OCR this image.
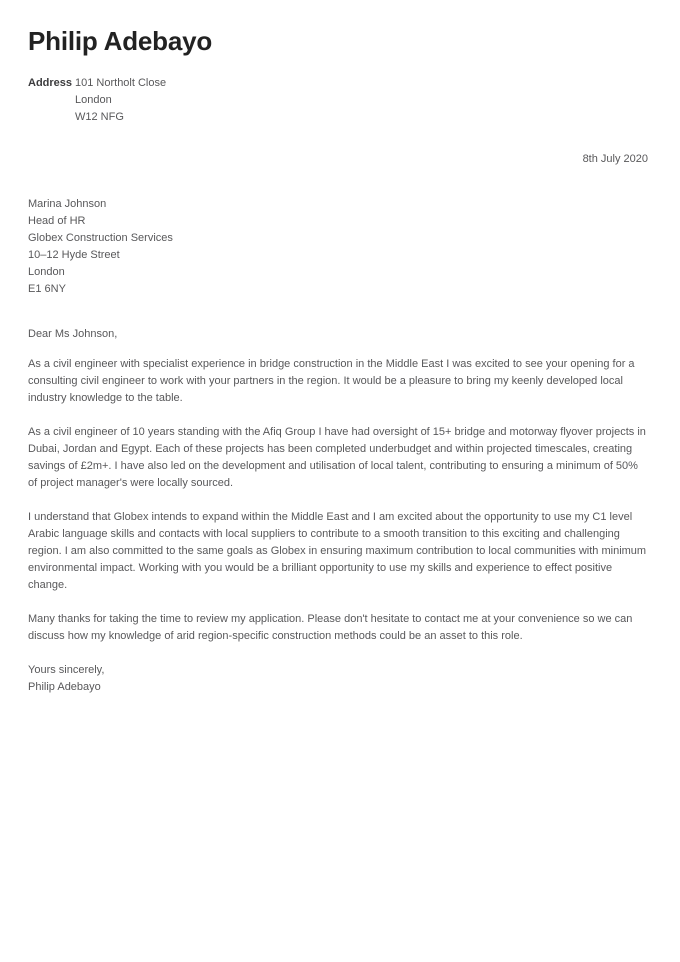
Philip Adebayo
Address 101 Northolt Close
London
W12 NFG
8th July 2020
Marina Johnson
Head of HR
Globex Construction Services
10–12 Hyde Street
London
E1 6NY
Dear Ms Johnson,

As a civil engineer with specialist experience in bridge construction in the Middle East I was excited to see your opening for a consulting civil engineer to work with your partners in the region. It would be a pleasure to bring my keenly developed local industry knowledge to the table.

As a civil engineer of 10 years standing with the Afiq Group I have had oversight of 15+ bridge and motorway flyover projects in Dubai, Jordan and Egypt. Each of these projects has been completed underbudget and within projected timescales, creating savings of £2m+. I have also led on the development and utilisation of local talent, contributing to ensuring a minimum of 50% of project manager's were locally sourced.

I understand that Globex intends to expand within the Middle East and I am excited about the opportunity to use my C1 level Arabic language skills and contacts with local suppliers to contribute to a smooth transition to this exciting and challenging region. I am also committed to the same goals as Globex in ensuring maximum contribution to local communities with minimum environmental impact. Working with you would be a brilliant opportunity to use my skills and experience to effect positive change.

Many thanks for taking the time to review my application. Please don't hesitate to contact me at your convenience so we can discuss how my knowledge of arid region-specific construction methods could be an asset to this role.

Yours sincerely,
Philip Adebayo
